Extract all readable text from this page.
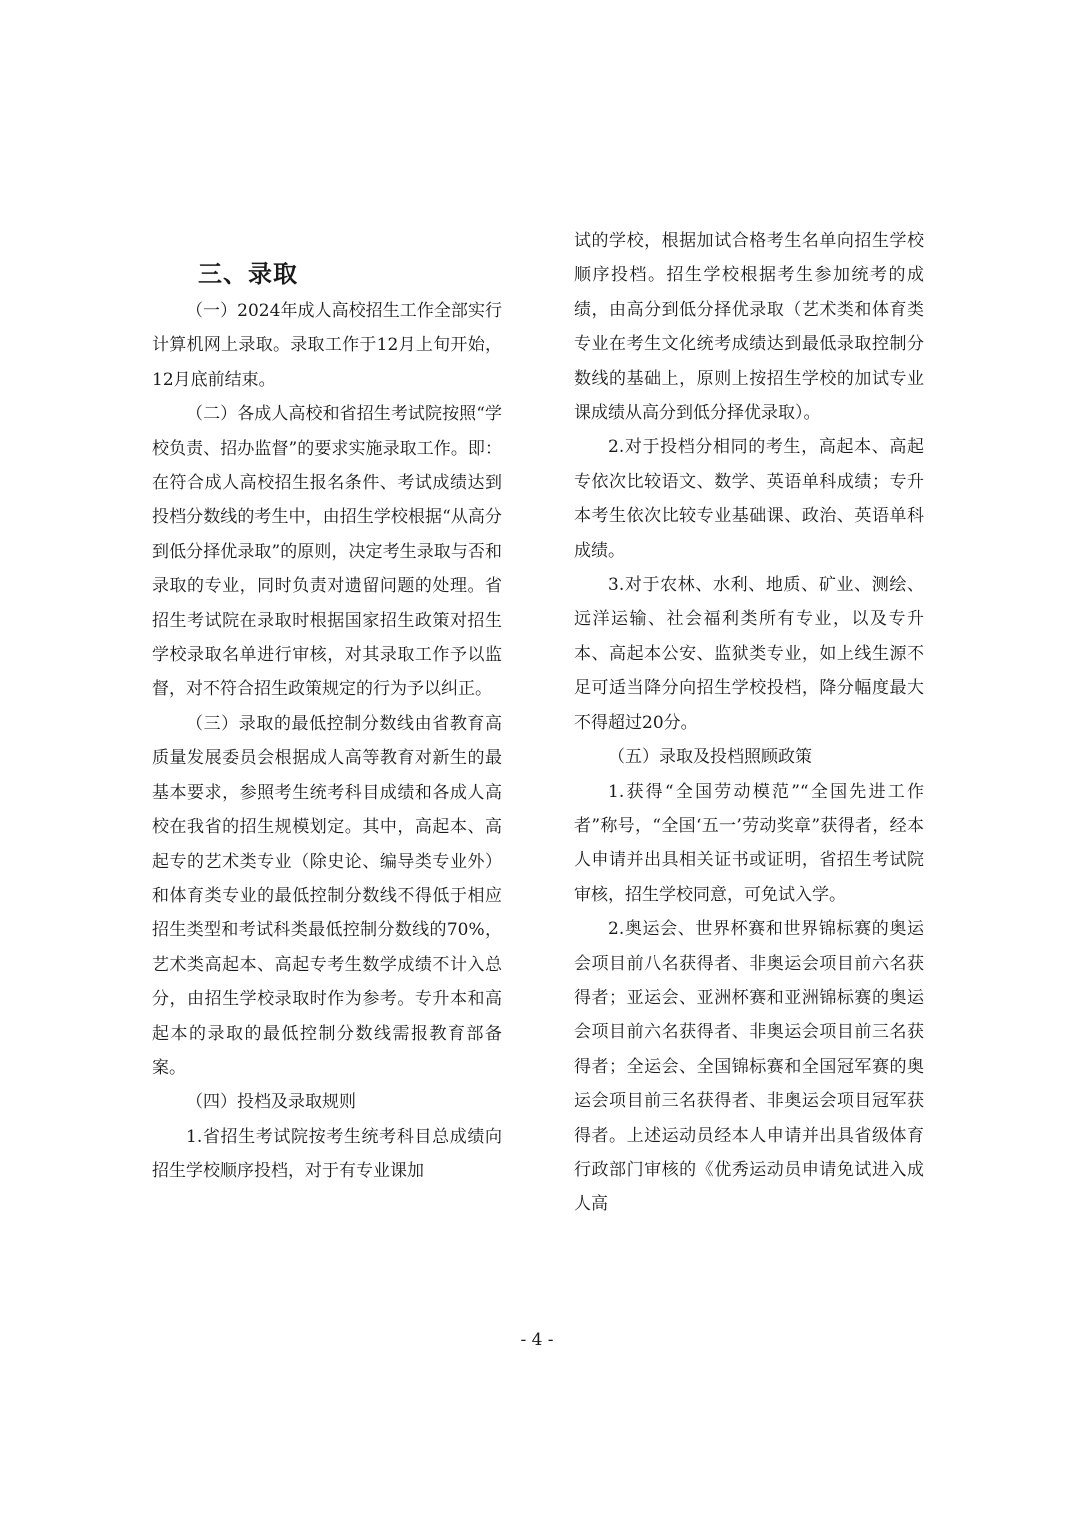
三、录取

（一）2024年成人高校招生工作全部实行计算机网上录取。录取工作于12月上旬开始，12月底前结束。

（二）各成人高校和省招生考试院按照“学校负责、招办监督”的要求实施录取工作。即：在符合成人高校招生报名条件、考试成绩达到投档分数线的考生中，由招生学校根据“从高分到低分择优录取”的原则，决定考生录取与否和录取的专业，同时负责对遗留问题的处理。省招生考试院在录取时根据国家招生政策对招生学校录取名单进行审核，对其录取工作予以监督，对不符合招生政策规定的行为予以纠正。

（三）录取的最低控制分数线由省教育高质量发展委员会根据成人高等教育对新生的最基本要求，参照考生统考科目成绩和各成人高校在我省的招生规模划定。其中，高起本、高起专的艺术类专业（除史论、编导类专业外）和体育类专业的最低控制分数线不得低于相应招生类型和考试科类最低控制分数线的70%，艺术类高起本、高起专考生数学成绩不计入总分，由招生学校录取时作为参考。专升本和高起本的录取的最低控制分数线需报教育部备案。

（四）投档及录取规则

1.省招生考试院按考生统考科目总成绩向招生学校顺序投档，对于有专业课加

试的学校，根据加试合格考生名单向招生学校顺序投档。招生学校根据考生参加统考的成绩，由高分到低分择优录取（艺术类和体育类专业在考生文化统考成绩达到最低录取控制分数线的基础上，原则上按招生学校的加试专业课成绩从高分到低分择优录取）。

2.对于投档分相同的考生，高起本、高起专依次比较语文、数学、英语单科成绩；专升本考生依次比较专业基础课、政治、英语单科成绩。

3.对于农林、水利、地质、矿业、测绘、远洋运输、社会福利类所有专业，以及专升本、高起本公安、监狱类专业，如上线生源不足可适当降分向招生学校投档，降分幅度最大不得超过20分。

（五）录取及投档照顾政策

1.获得“全国劳动模范”“全国先进工作者”称号，“全国‘五一’劳动奖章”获得者，经本人申请并出具相关证书或证明，省招生考试院审核，招生学校同意，可免试入学。

2.奥运会、世界杯赛和世界锦标赛的奥运会项目前八名获得者、非奥运会项目前六名获得者；亚运会、亚洲杯赛和亚洲锦标赛的奥运会项目前六名获得者、非奥运会项目前三名获得者；全运会、全国锦标赛和全国冠军赛的奥运会项目前三名获得者、非奥运会项目冠军获得者。上述运动员经本人申请并出具省级体育行政部门审核的《优秀运动员申请免试进入成人高

- 4 -
